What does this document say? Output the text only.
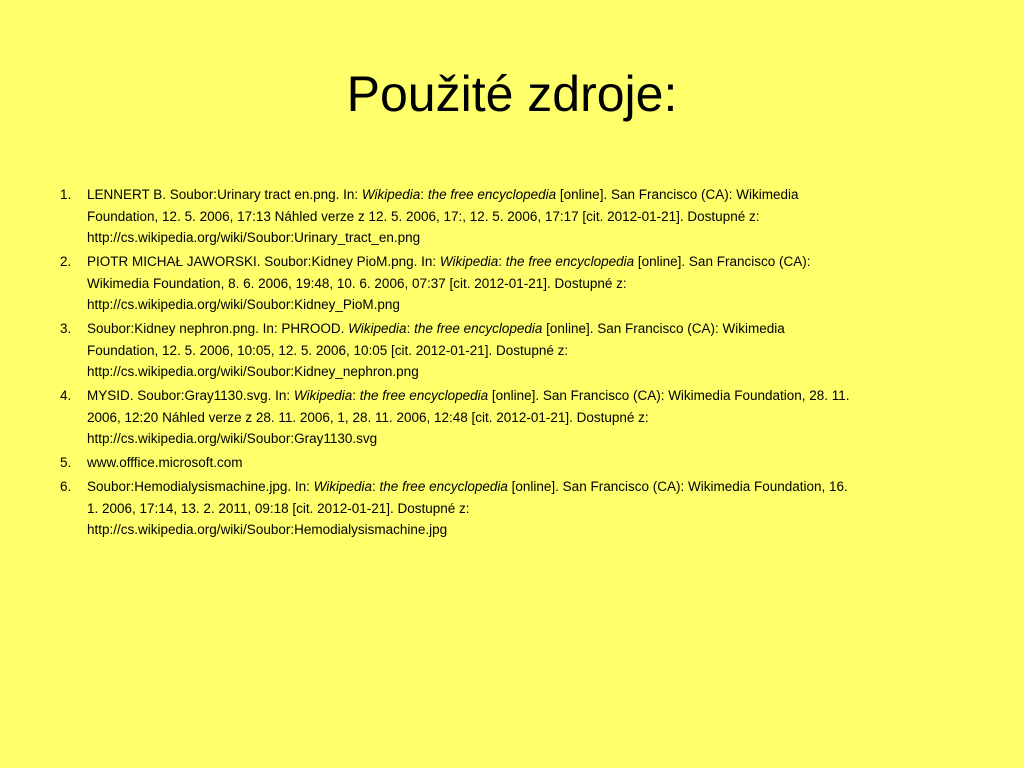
Použité zdroje:
1. LENNERT B. Soubor:Urinary tract en.png. In: Wikipedia: the free encyclopedia [online]. San Francisco (CA): Wikimedia
Foundation, 12. 5. 2006, 17:13 Náhled verze z 12. 5. 2006, 17:, 12. 5. 2006, 17:17 [cit. 2012-01-21]. Dostupné z:
http://cs.wikipedia.org/wiki/Soubor:Urinary_tract_en.png
2. PIOTR MICHAŁ JAWORSKI. Soubor:Kidney PioM.png. In: Wikipedia: the free encyclopedia [online]. San Francisco (CA):
Wikimedia Foundation, 8. 6. 2006, 19:48, 10. 6. 2006, 07:37 [cit. 2012-01-21]. Dostupné z:
http://cs.wikipedia.org/wiki/Soubor:Kidney_PioM.png
3. Soubor:Kidney nephron.png. In: PHROOD. Wikipedia: the free encyclopedia [online]. San Francisco (CA): Wikimedia
Foundation, 12. 5. 2006, 10:05, 12. 5. 2006, 10:05 [cit. 2012-01-21]. Dostupné z:
http://cs.wikipedia.org/wiki/Soubor:Kidney_nephron.png
4. MYSID. Soubor:Gray1130.svg. In: Wikipedia: the free encyclopedia [online]. San Francisco (CA): Wikimedia Foundation, 28. 11.
2006, 12:20 Náhled verze z 28. 11. 2006, 1, 28. 11. 2006, 12:48 [cit. 2012-01-21]. Dostupné z:
http://cs.wikipedia.org/wiki/Soubor:Gray1130.svg
5. www.offfice.microsoft.com
6. Soubor:Hemodialysismachine.jpg. In: Wikipedia: the free encyclopedia [online]. San Francisco (CA): Wikimedia Foundation, 16.
1. 2006, 17:14, 13. 2. 2011, 09:18 [cit. 2012-01-21]. Dostupné z:
http://cs.wikipedia.org/wiki/Soubor:Hemodialysismachine.jpg
